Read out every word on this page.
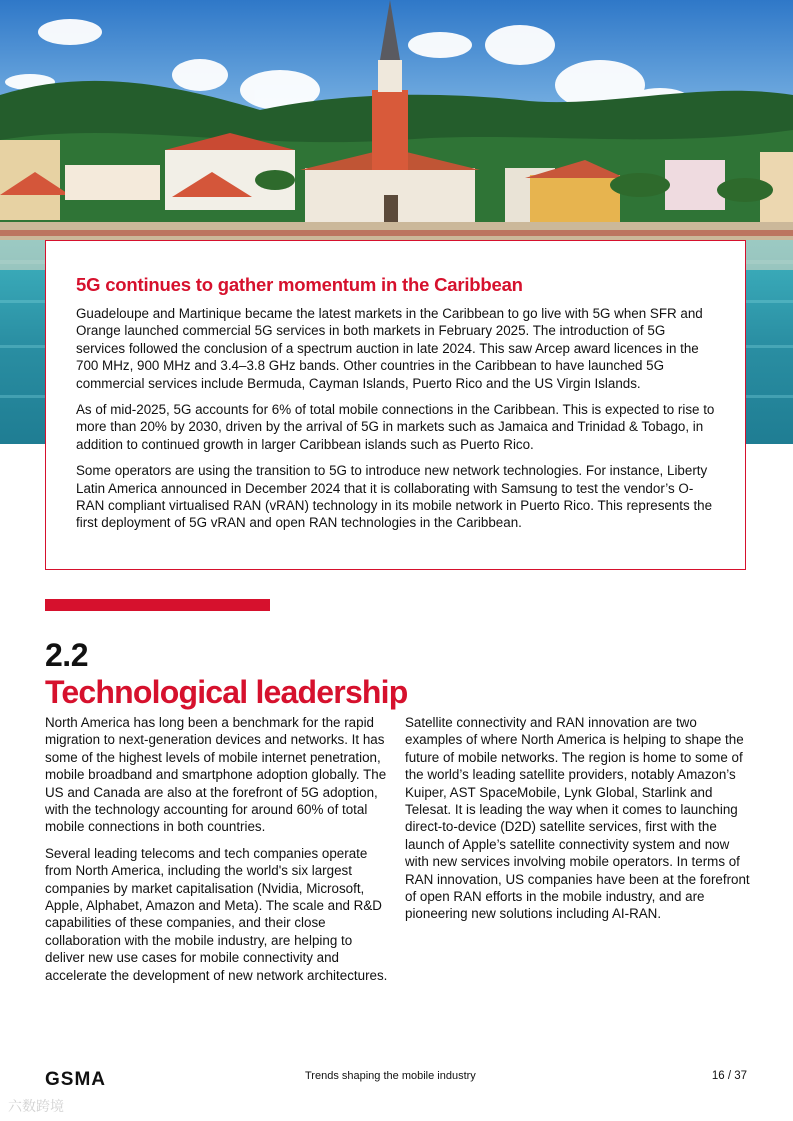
5G continues to gather momentum in the Caribbean

Guadeloupe and Martinique became the latest markets in the Caribbean to go live with 5G when SFR and Orange launched commercial 5G services in both markets in February 2025. The introduction of 5G services followed the conclusion of a spectrum auction in late 2024. This saw Arcep award licences in the 700 MHz, 900 MHz and 3.4–3.8 GHz bands. Other countries in the Caribbean to have launched 5G commercial services include Bermuda, Cayman Islands, Puerto Rico and the US Virgin Islands.

As of mid-2025, 5G accounts for 6% of total mobile connections in the Caribbean. This is expected to rise to more than 20% by 2030, driven by the arrival of 5G in markets such as Jamaica and Trinidad & Tobago, in addition to continued growth in larger Caribbean islands such as Puerto Rico.

Some operators are using the transition to 5G to introduce new network technologies. For instance, Liberty Latin America announced in December 2024 that it is collaborating with Samsung to test the vendor’s O-RAN compliant virtualised RAN (vRAN) technology in its mobile network in Puerto Rico. This represents the first deployment of 5G vRAN and open RAN technologies in the Caribbean.

2.2
Technological leadership

North America has long been a benchmark for the rapid migration to next-generation devices and networks. It has some of the highest levels of mobile internet penetration, mobile broadband and smartphone adoption globally. The US and Canada are also at the forefront of 5G adoption, with the technology accounting for around 60% of total mobile connections in both countries.

Several leading telecoms and tech companies operate from North America, including the world's six largest companies by market capitalisation (Nvidia, Microsoft, Apple, Alphabet, Amazon and Meta). The scale and R&D capabilities of these companies, and their close collaboration with the mobile industry, are helping to deliver new use cases for mobile connectivity and accelerate the development of new network architectures.

Satellite connectivity and RAN innovation are two examples of where North America is helping to shape the future of mobile networks. The region is home to some of the world’s leading satellite providers, notably Amazon’s Kuiper, AST SpaceMobile, Lynk Global, Starlink and Telesat. It is leading the way when it comes to launching direct-to-device (D2D) satellite services, first with the launch of Apple’s satellite connectivity system and now with new services involving mobile operators. In terms of RAN innovation, US companies have been at the forefront of open RAN efforts in the mobile industry, and are pioneering new solutions including AI-RAN.

GSMA	Trends shaping the mobile industry	16 / 37
六数跨境
